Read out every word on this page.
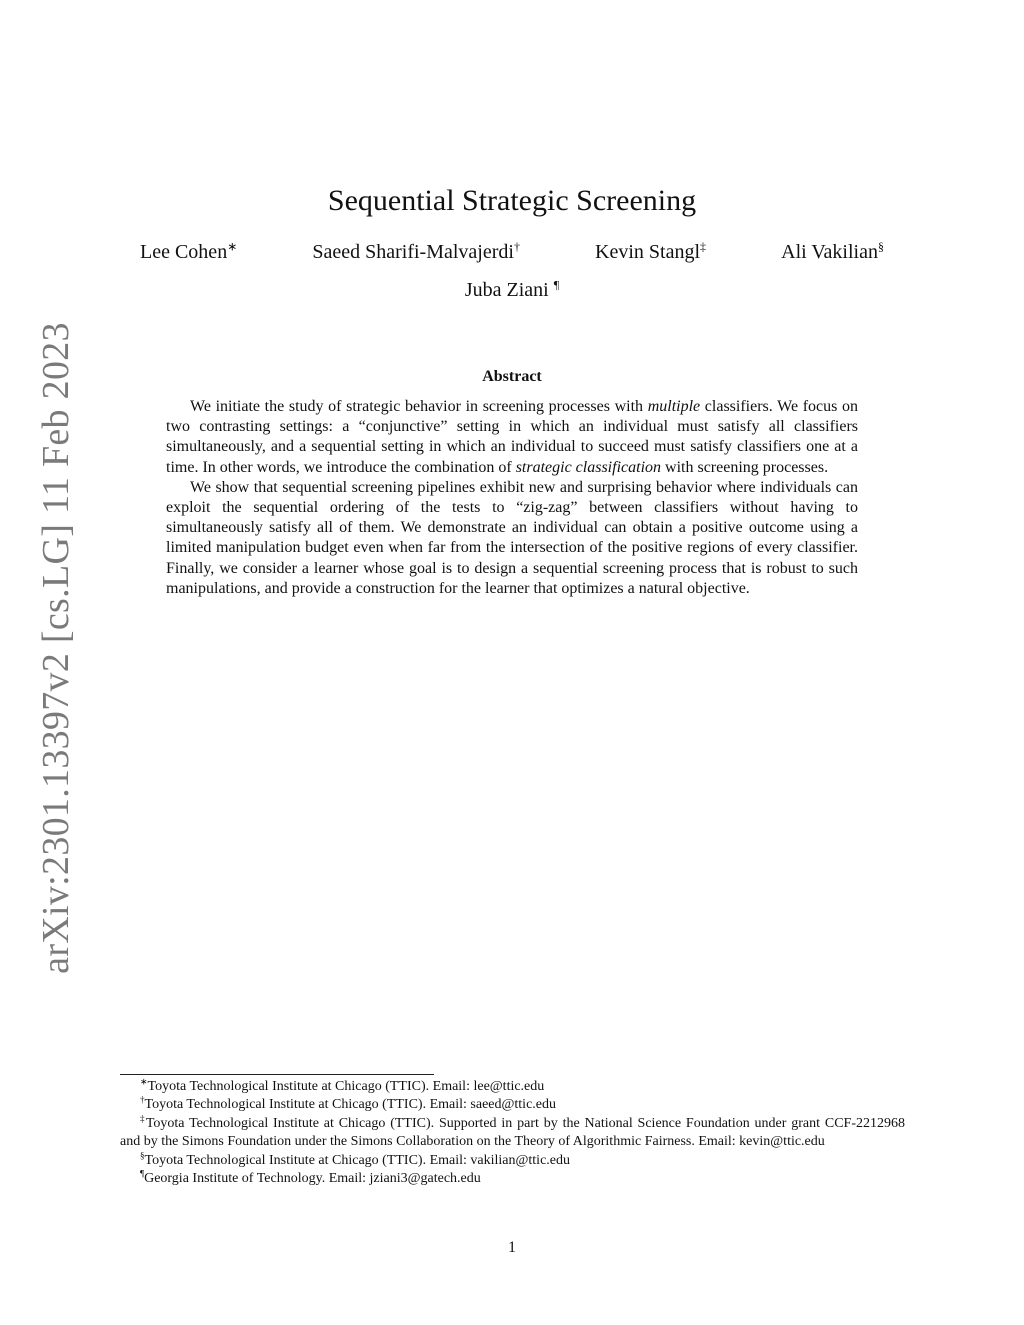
arXiv:2301.13397v2 [cs.LG] 11 Feb 2023
Sequential Strategic Screening
Lee Cohen∗	Saeed Sharifi-Malvajerdi†	Kevin Stangl‡	Ali Vakilian§
Juba Ziani ¶
Abstract

We initiate the study of strategic behavior in screening processes with multiple classifiers. We focus on two contrasting settings: a “conjunctive” setting in which an individual must satisfy all classifiers simultaneously, and a sequential setting in which an individual to succeed must satisfy classifiers one at a time. In other words, we introduce the combination of strategic classification with screening processes.

We show that sequential screening pipelines exhibit new and surprising behavior where individuals can exploit the sequential ordering of the tests to “zig-zag” between classifiers without having to simultaneously satisfy all of them. We demonstrate an individual can obtain a positive outcome using a limited manipulation budget even when far from the intersection of the positive regions of every classifier. Finally, we consider a learner whose goal is to design a sequential screening process that is robust to such manipulations, and provide a construction for the learner that optimizes a natural objective.

∗Toyota Technological Institute at Chicago (TTIC). Email: lee@ttic.edu

†Toyota Technological Institute at Chicago (TTIC). Email: saeed@ttic.edu

‡Toyota Technological Institute at Chicago (TTIC). Supported in part by the National Science Foundation under grant CCF-2212968 and by the Simons Foundation under the Simons Collaboration on the Theory of Algorithmic Fairness. Email: kevin@ttic.edu

§Toyota Technological Institute at Chicago (TTIC). Email: vakilian@ttic.edu

¶Georgia Institute of Technology. Email: jziani3@gatech.edu

1
